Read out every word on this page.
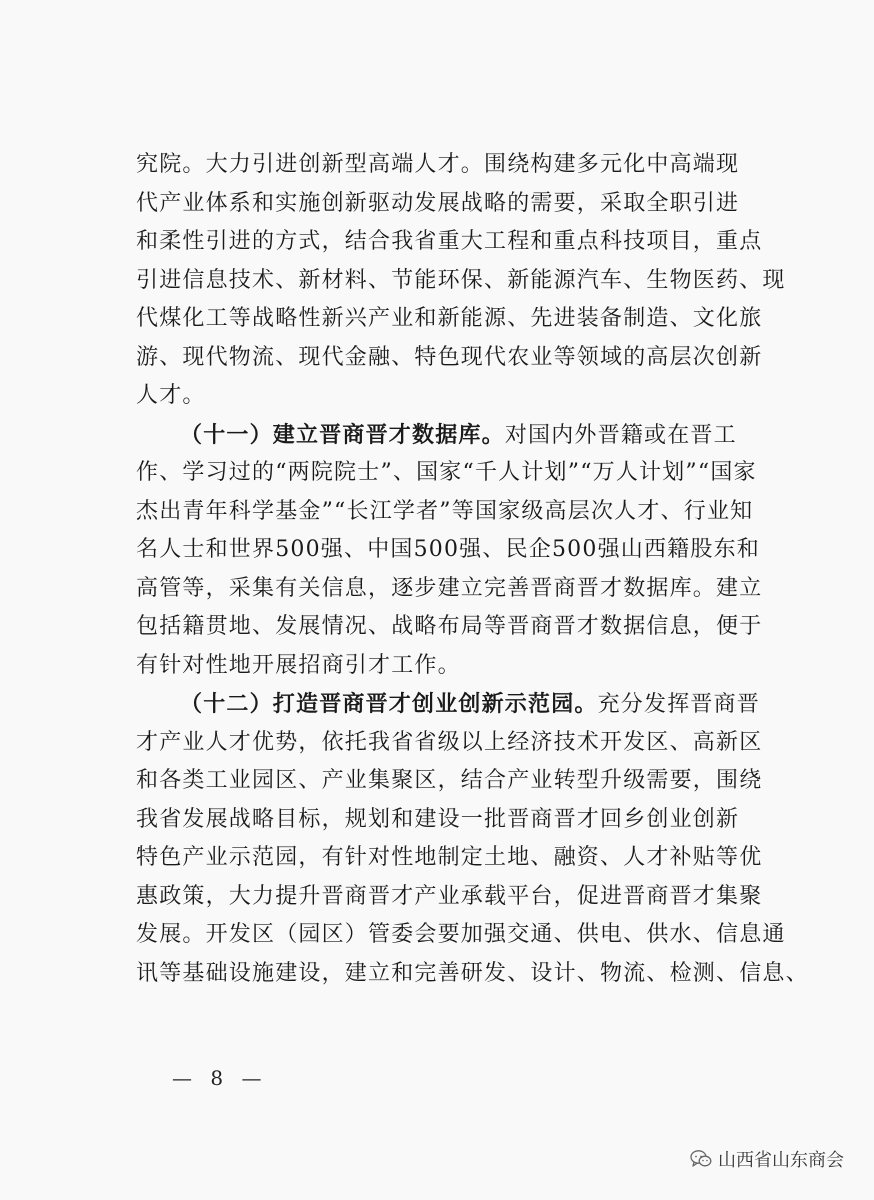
究院。大力引进创新型高端人才。围绕构建多元化中高端现
代产业体系和实施创新驱动发展战略的需要，采取全职引进
和柔性引进的方式，结合我省重大工程和重点科技项目，重点
引进信息技术、新材料、节能环保、新能源汽车、生物医药、现
代煤化工等战略性新兴产业和新能源、先进装备制造、文化旅
游、现代物流、现代金融、特色现代农业等领域的高层次创新
人才。
（十一）建立晋商晋才数据库。对国内外晋籍或在晋工
作、学习过的“两院院士”、国家“千人计划”“万人计划”“国家
杰出青年科学基金”“长江学者”等国家级高层次人才、行业知
名人士和世界500强、中国500强、民企500强山西籍股东和
高管等，采集有关信息，逐步建立完善晋商晋才数据库。建立
包括籍贯地、发展情况、战略布局等晋商晋才数据信息，便于
有针对性地开展招商引才工作。
（十二）打造晋商晋才创业创新示范园。充分发挥晋商晋
才产业人才优势，依托我省省级以上经济技术开发区、高新区
和各类工业园区、产业集聚区，结合产业转型升级需要，围绕
我省发展战略目标，规划和建设一批晋商晋才回乡创业创新
特色产业示范园，有针对性地制定土地、融资、人才补贴等优
惠政策，大力提升晋商晋才产业承载平台，促进晋商晋才集聚
发展。开发区（园区）管委会要加强交通、供电、供水、信息通
讯等基础设施建设，建立和完善研发、设计、物流、检测、信息、
— 8 —
山西省山东商会
